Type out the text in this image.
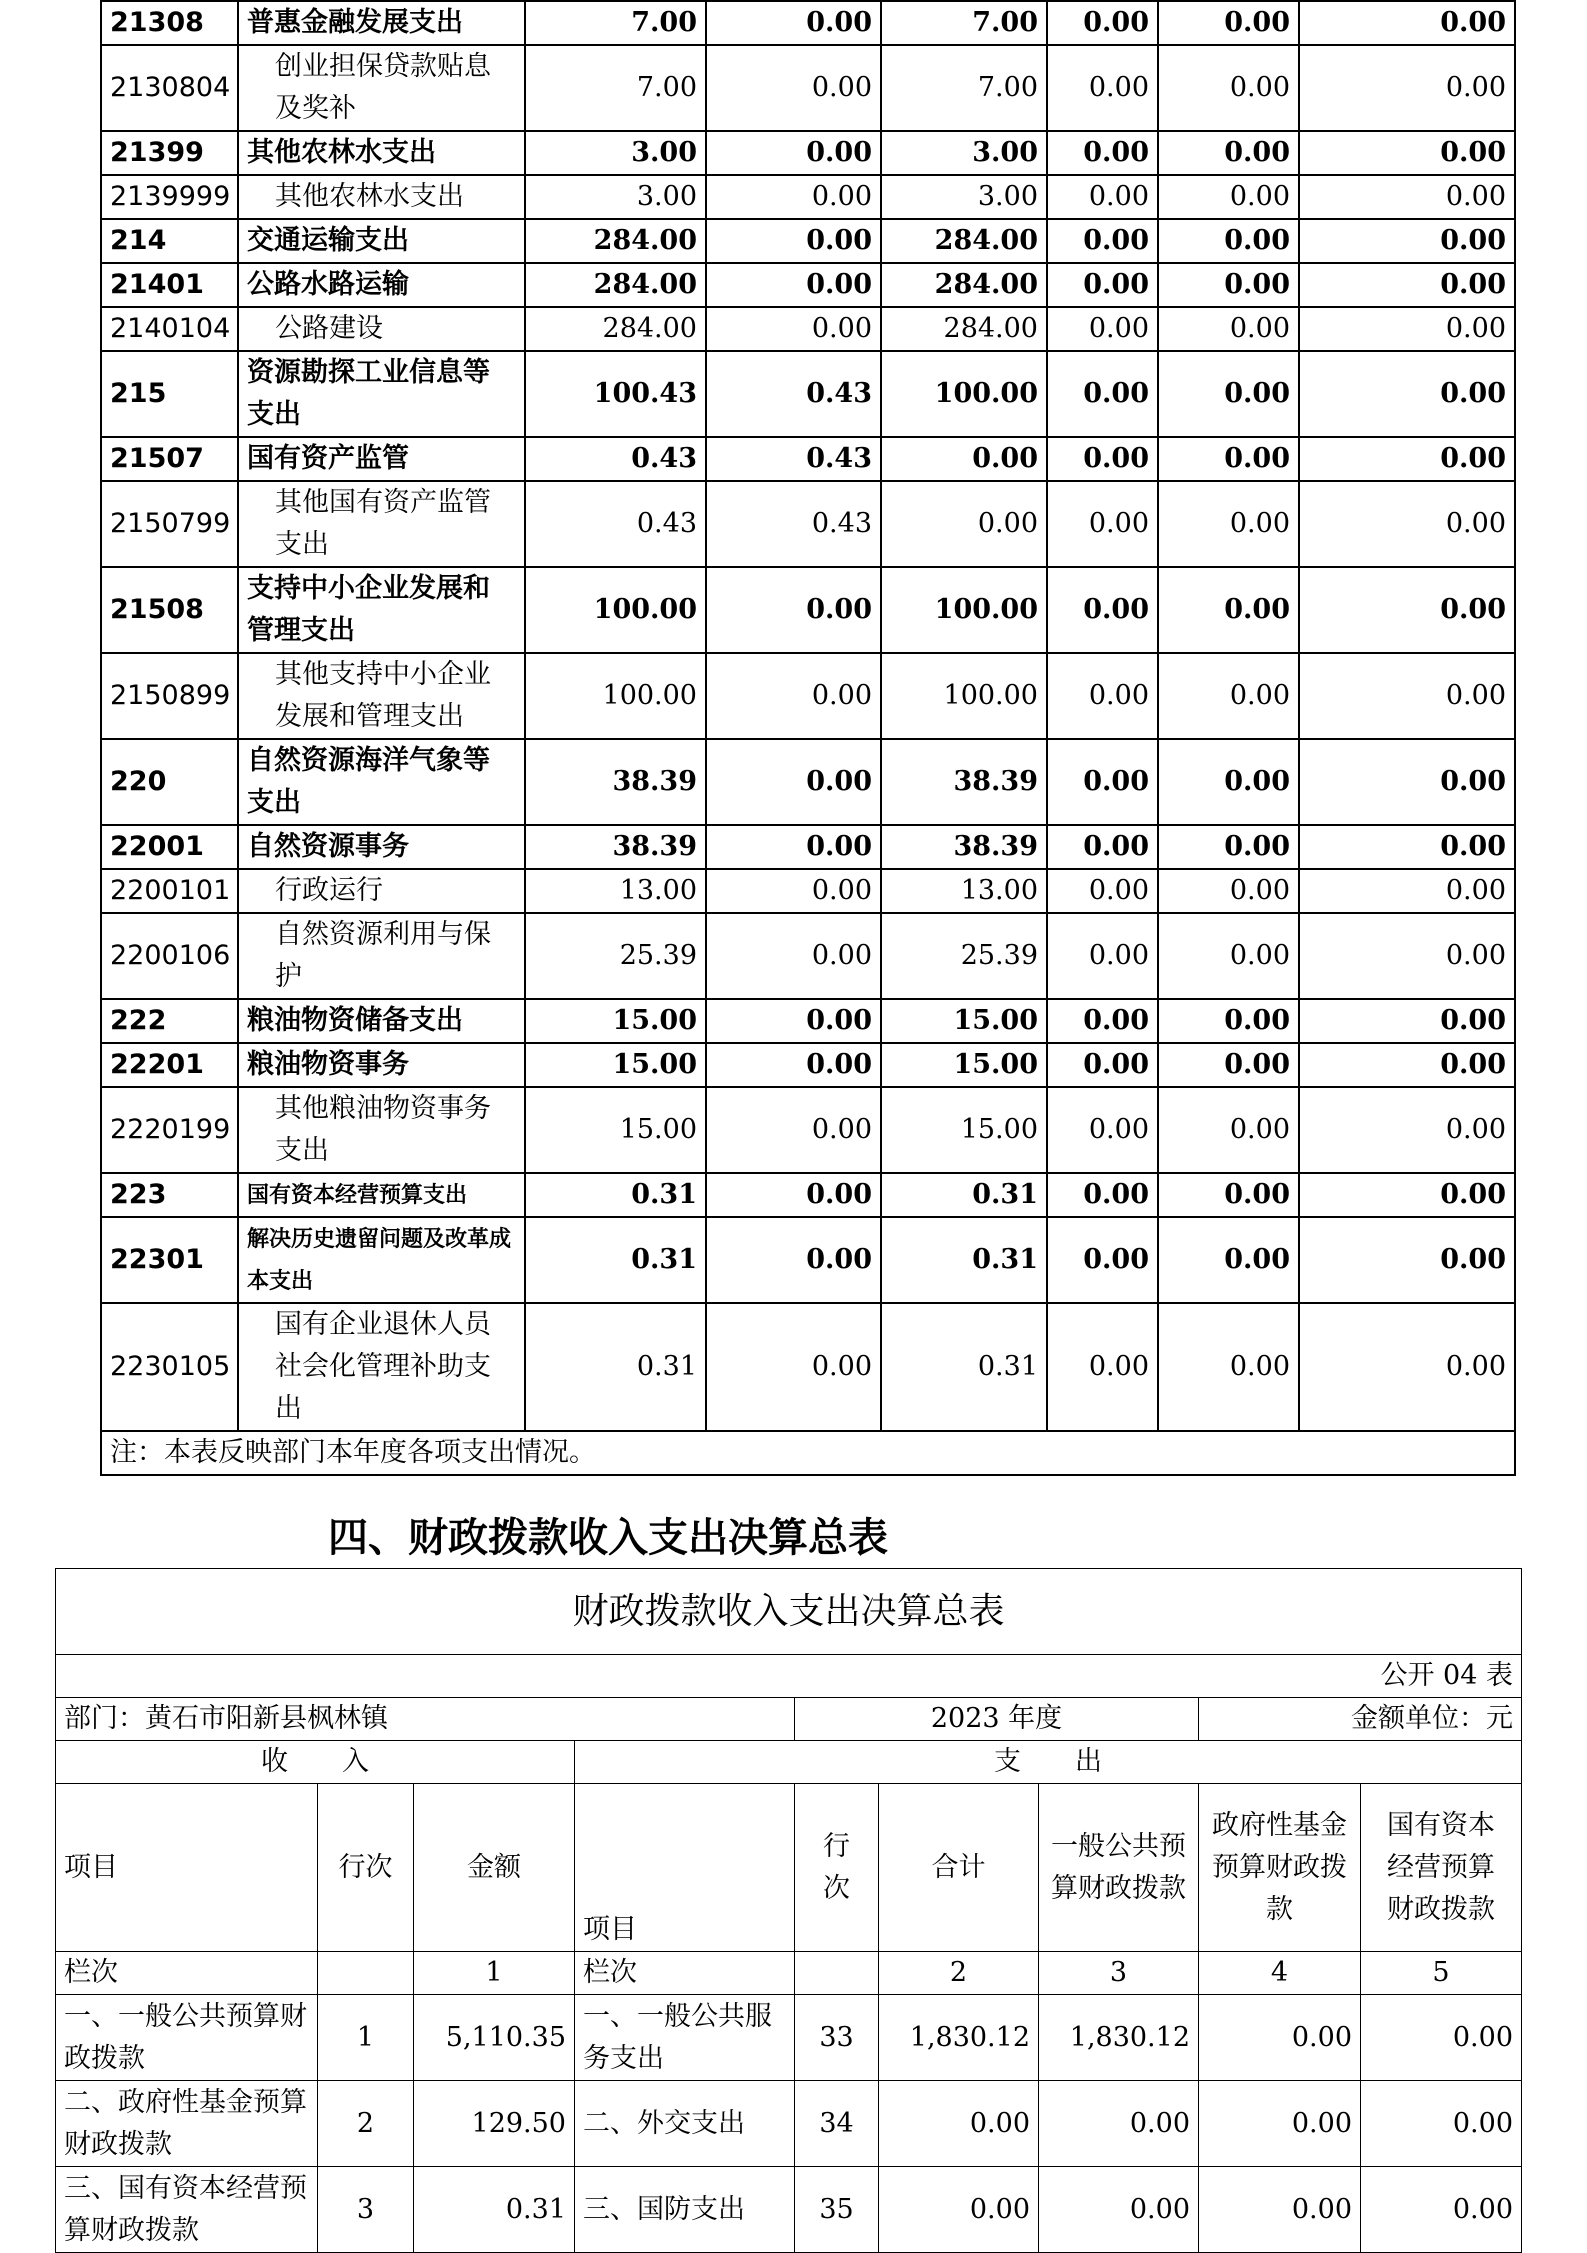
21308	普惠金融发展支出	7.00	0.00	7.00	0.00	0.00	0.00
2130804	创业担保贷款贴息及奖补	7.00	0.00	7.00	0.00	0.00	0.00
21399	其他农林水支出	3.00	0.00	3.00	0.00	0.00	0.00
2139999	其他农林水支出	3.00	0.00	3.00	0.00	0.00	0.00
214	交通运输支出	284.00	0.00	284.00	0.00	0.00	0.00
21401	公路水路运输	284.00	0.00	284.00	0.00	0.00	0.00
2140104	公路建设	284.00	0.00	284.00	0.00	0.00	0.00
215	资源勘探工业信息等支出	100.43	0.43	100.00	0.00	0.00	0.00
21507	国有资产监管	0.43	0.43	0.00	0.00	0.00	0.00
2150799	其他国有资产监管支出	0.43	0.43	0.00	0.00	0.00	0.00
21508	支持中小企业发展和管理支出	100.00	0.00	100.00	0.00	0.00	0.00
2150899	其他支持中小企业发展和管理支出	100.00	0.00	100.00	0.00	0.00	0.00
220	自然资源海洋气象等支出	38.39	0.00	38.39	0.00	0.00	0.00
22001	自然资源事务	38.39	0.00	38.39	0.00	0.00	0.00
2200101	行政运行	13.00	0.00	13.00	0.00	0.00	0.00
2200106	自然资源利用与保护	25.39	0.00	25.39	0.00	0.00	0.00
222	粮油物资储备支出	15.00	0.00	15.00	0.00	0.00	0.00
22201	粮油物资事务	15.00	0.00	15.00	0.00	0.00	0.00
2220199	其他粮油物资事务支出	15.00	0.00	15.00	0.00	0.00	0.00
223	国有资本经营预算支出	0.31	0.00	0.31	0.00	0.00	0.00
22301	解决历史遗留问题及改革成本支出	0.31	0.00	0.31	0.00	0.00	0.00
2230105	国有企业退休人员社会化管理补助支出	0.31	0.00	0.31	0.00	0.00	0.00
注：本表反映部门本年度各项支出情况。							
四、财政拨款收入支出决算总表
财政拨款收入支出决算总表								
公开 04 表								
部门：黄石市阳新县枫林镇				2023 年度			金额单位：元	
收　　入			支　　出					
项目	行次	金额	项目	行次	合计	一般公共预算财政拨款	政府性基金预算财政拨款	国有资本经营预算财政拨款
栏次		1	栏次		2	3	4	5
一、一般公共预算财政拨款	1	5,110.35	一、一般公共服务支出	33	1,830.12	1,830.12	0.00	0.00
二、政府性基金预算财政拨款	2	129.50	二、外交支出	34	0.00	0.00	0.00	0.00
三、国有资本经营预算财政拨款	3	0.31	三、国防支出	35	0.00	0.00	0.00	0.00
